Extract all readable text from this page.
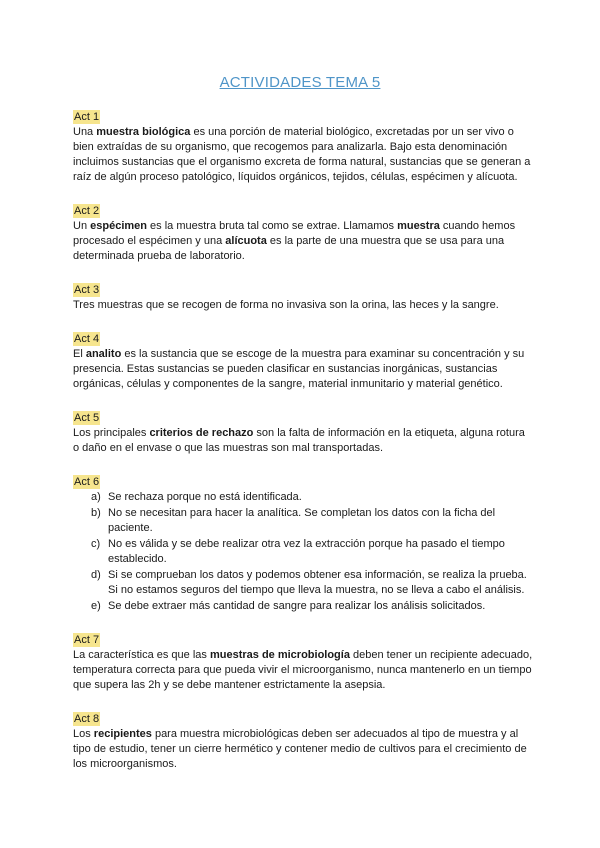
ACTIVIDADES TEMA 5
Act 1

Una muestra biológica es una porción de material biológico, excretadas por un ser vivo o bien extraídas de su organismo, que recogemos para analizarla. Bajo esta denominación incluimos sustancias que el organismo excreta de forma natural, sustancias que se generan a raíz de algún proceso patológico, líquidos orgánicos, tejidos, células, espécimen y alícuota.

Act 2

Un espécimen es la muestra bruta tal como se extrae. Llamamos muestra cuando hemos procesado el espécimen y una alícuota es la parte de una muestra que se usa para una determinada prueba de laboratorio.

Act 3

Tres muestras que se recogen de forma no invasiva son la orina, las heces y la sangre.

Act 4

El analito es la sustancia que se escoge de la muestra para examinar su concentración y su presencia. Estas sustancias se pueden clasificar en sustancias inorgánicas, sustancias orgánicas, células y componentes de la sangre, material inmunitario y material genético.

Act 5

Los principales criterios de rechazo son la falta de información en la etiqueta, alguna rotura o daño en el envase o que las muestras son mal transportadas.

Act 6
a) Se rechaza porque no está identificada.
b) No se necesitan para hacer la analítica. Se completan los datos con la ficha del paciente.
c) No es válida y se debe realizar otra vez la extracción porque ha pasado el tiempo establecido.
d) Si se comprueban los datos y podemos obtener esa información, se realiza la prueba. Si no estamos seguros del tiempo que lleva la muestra, no se lleva a cabo el análisis.
e) Se debe extraer más cantidad de sangre para realizar los análisis solicitados.
Act 7

La característica es que las muestras de microbiología deben tener un recipiente adecuado, temperatura correcta para que pueda vivir el microorganismo, nunca mantenerlo en un tiempo que supera las 2h y se debe mantener estrictamente la asepsia.

Act 8

Los recipientes para muestra microbiológicas deben ser adecuados al tipo de muestra y al tipo de estudio, tener un cierre hermético y contener medio de cultivos para el crecimiento de los microorganismos.
